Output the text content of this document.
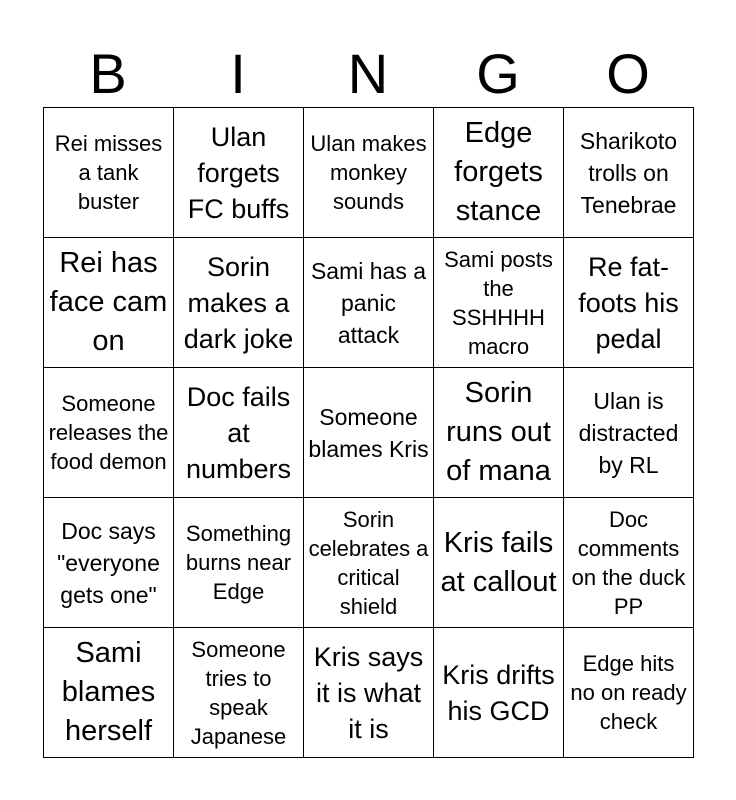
B	I	N	G	O
Rei misses a tank buster	Ulan forgets FC buffs	Ulan makes monkey sounds	Edge forgets stance	Sharikoto trolls on Tenebrae

Rei has face cam on	Sorin makes a dark joke	Sami has a panic attack	Sami posts the SSHHHH macro	Re fat-foots his pedal

Someone releases the food demon	Doc fails at numbers	Someone blames Kris	Sorin runs out of mana	Ulan is distracted by RL

Doc says "everyone gets one"	Something burns near Edge	Sorin celebrates a critical shield	Kris fails at callout	Doc comments on the duck PP

Sami blames herself	Someone tries to speak Japanese	Kris says it is what it is	Kris drifts his GCD	Edge hits no on ready check
